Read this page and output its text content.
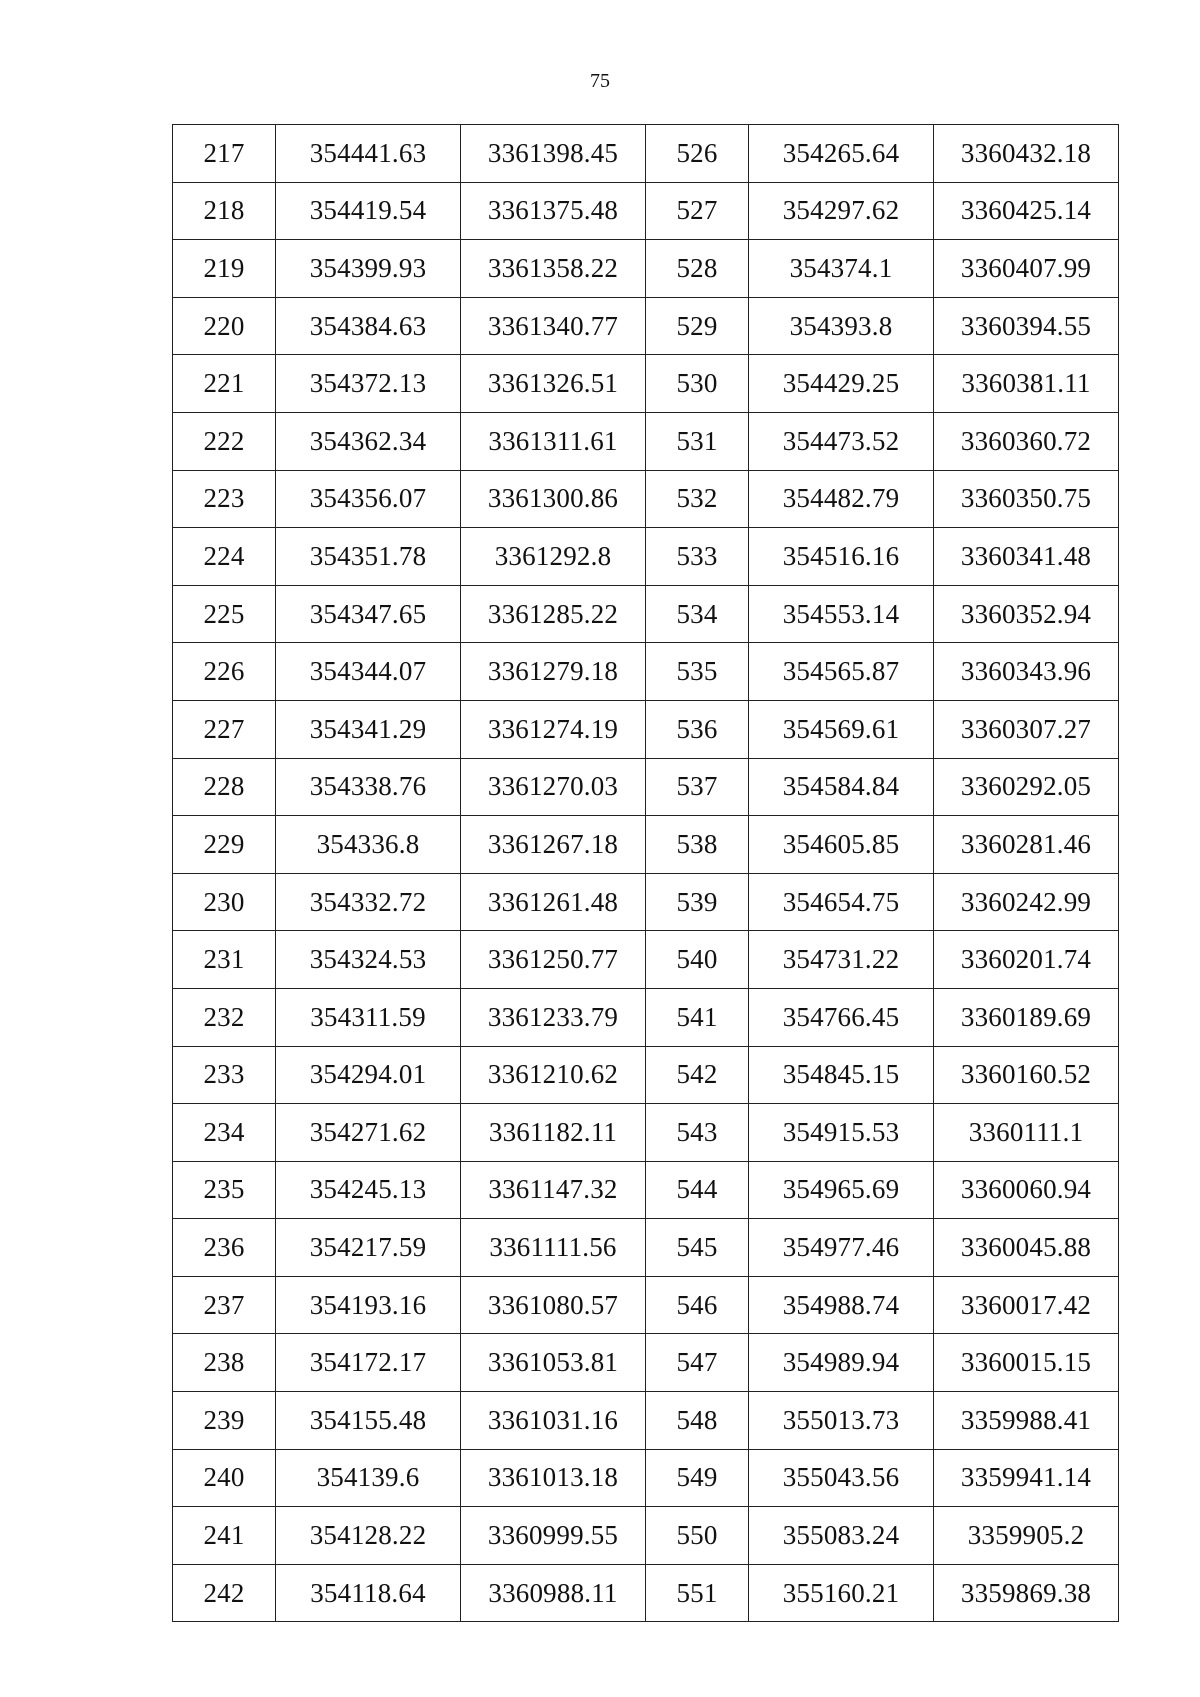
75
217	354441.63	3361398.45	526	354265.64	3360432.18
218	354419.54	3361375.48	527	354297.62	3360425.14
219	354399.93	3361358.22	528	354374.1	3360407.99
220	354384.63	3361340.77	529	354393.8	3360394.55
221	354372.13	3361326.51	530	354429.25	3360381.11
222	354362.34	3361311.61	531	354473.52	3360360.72
223	354356.07	3361300.86	532	354482.79	3360350.75
224	354351.78	3361292.8	533	354516.16	3360341.48
225	354347.65	3361285.22	534	354553.14	3360352.94
226	354344.07	3361279.18	535	354565.87	3360343.96
227	354341.29	3361274.19	536	354569.61	3360307.27
228	354338.76	3361270.03	537	354584.84	3360292.05
229	354336.8	3361267.18	538	354605.85	3360281.46
230	354332.72	3361261.48	539	354654.75	3360242.99
231	354324.53	3361250.77	540	354731.22	3360201.74
232	354311.59	3361233.79	541	354766.45	3360189.69
233	354294.01	3361210.62	542	354845.15	3360160.52
234	354271.62	3361182.11	543	354915.53	3360111.1
235	354245.13	3361147.32	544	354965.69	3360060.94
236	354217.59	3361111.56	545	354977.46	3360045.88
237	354193.16	3361080.57	546	354988.74	3360017.42
238	354172.17	3361053.81	547	354989.94	3360015.15
239	354155.48	3361031.16	548	355013.73	3359988.41
240	354139.6	3361013.18	549	355043.56	3359941.14
241	354128.22	3360999.55	550	355083.24	3359905.2
242	354118.64	3360988.11	551	355160.21	3359869.38
